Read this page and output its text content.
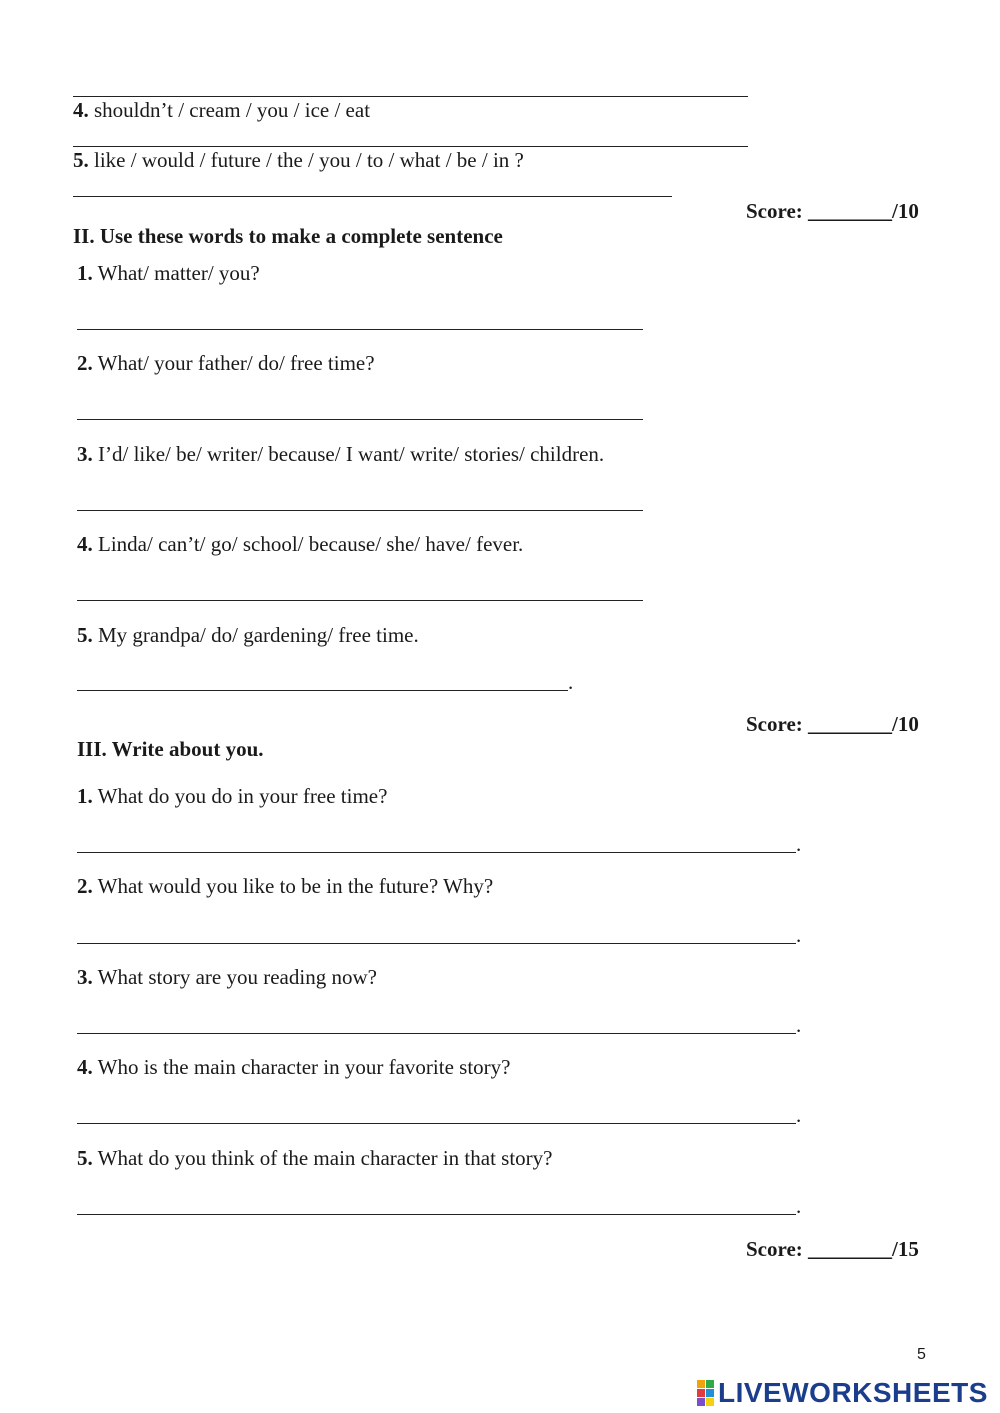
4. shouldn’t / cream / you / ice / eat
5. like / would / future / the / you / to / what / be / in ?
Score: ________/10
II. Use these words to make a complete sentence
1. What/ matter/ you?
2. What/ your father/ do/ free time?
3. I’d/ like/ be/ writer/ because/ I want/ write/ stories/ children.
4. Linda/ can’t/ go/ school/ because/ she/ have/ fever.
5. My grandpa/ do/ gardening/ free time.
.
Score: ________/10
III. Write about you.
1. What do you do in your free time?
.
2. What would you like to be in the future? Why?
.
3. What story are you reading now?
.
4. Who is the main character in your favorite story?
.
5. What do you think of the main character in that story?
.
Score: ________/15
5
LIVEWORKSHEETS
